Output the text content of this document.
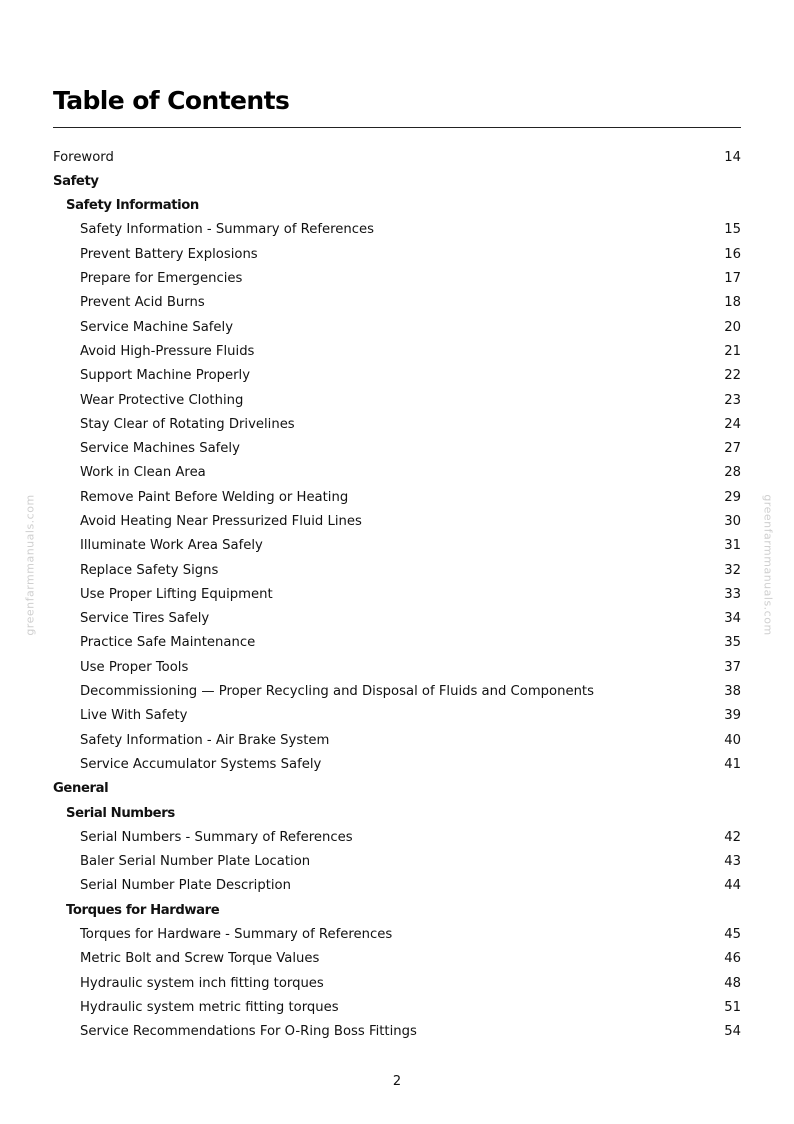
Table of Contents
Foreword	14
Safety
Safety Information
Safety Information - Summary of References	15
Prevent Battery Explosions	16
Prepare for Emergencies	17
Prevent Acid Burns	18
Service Machine Safely	20
Avoid High-Pressure Fluids	21
Support Machine Properly	22
Wear Protective Clothing	23
Stay Clear of Rotating Drivelines	24
Service Machines Safely	27
Work in Clean Area	28
Remove Paint Before Welding or Heating	29
Avoid Heating Near Pressurized Fluid Lines	30
Illuminate Work Area Safely	31
Replace Safety Signs	32
Use Proper Lifting Equipment	33
Service Tires Safely	34
Practice Safe Maintenance	35
Use Proper Tools	37
Decommissioning — Proper Recycling and Disposal of Fluids and Components	38
Live With Safety	39
Safety Information - Air Brake System	40
Service Accumulator Systems Safely	41
General
Serial Numbers
Serial Numbers - Summary of References	42
Baler Serial Number Plate Location	43
Serial Number Plate Description	44
Torques for Hardware
Torques for Hardware - Summary of References	45
Metric Bolt and Screw Torque Values	46
Hydraulic system inch fitting torques	48
Hydraulic system metric fitting torques	51
Service Recommendations For O-Ring Boss Fittings	54
2
greenfarmmanuals.com	greenfarmmanuals.com
